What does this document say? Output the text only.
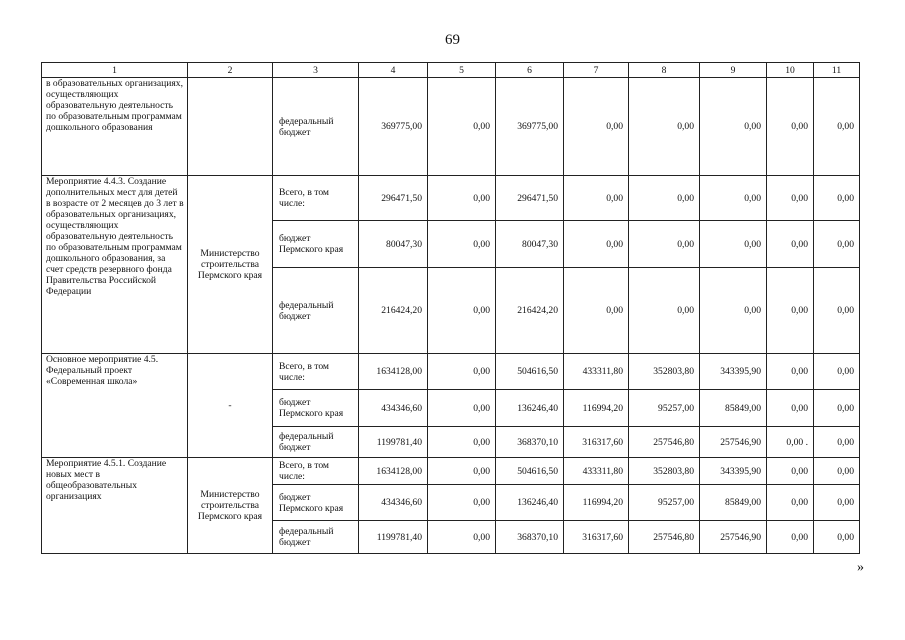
69
1	2	3	4	5	6	7	8	9	10	11
в образовательных организациях, осуществляющих образовательную деятельность по образовательным программам дошкольного образования		федеральный бюджет	369775,00	0,00	369775,00	0,00	0,00	0,00	0,00	0,00
Мероприятие 4.4.3. Создание дополнительных мест для детей в возрасте от 2 месяцев до 3 лет в образовательных организациях, осуществляющих образовательную деятельность по образовательным программам дошкольного образования, за счет средств резервного фонда Правительства Российской Федерации	Министерство строительства Пермского края	Всего, в том числе:	296471,50	0,00	296471,50	0,00	0,00	0,00	0,00	0,00
		бюджет Пермского края	80047,30	0,00	80047,30	0,00	0,00	0,00	0,00	0,00
		федеральный бюджет	216424,20	0,00	216424,20	0,00	0,00	0,00	0,00	0,00
Основное мероприятие 4.5. Федеральный проект «Современная школа»	-	Всего, в том числе:	1634128,00	0,00	504616,50	433311,80	352803,80	343395,90	0,00	0,00
		бюджет Пермского края	434346,60	0,00	136246,40	116994,20	95257,00	85849,00	0,00	0,00
		федеральный бюджет	1199781,40	0,00	368370,10	316317,60	257546,80	257546,90	0,00 .	0,00
Мероприятие 4.5.1. Создание новых мест в общеобразовательных организациях	Министерство строительства Пермского края	Всего, в том числе:	1634128,00	0,00	504616,50	433311,80	352803,80	343395,90	0,00	0,00
		бюджет Пермского края	434346,60	0,00	136246,40	116994,20	95257,00	85849,00	0,00	0,00
		федеральный бюджет	1199781,40	0,00	368370,10	316317,60	257546,80	257546,90	0,00	0,00
»
